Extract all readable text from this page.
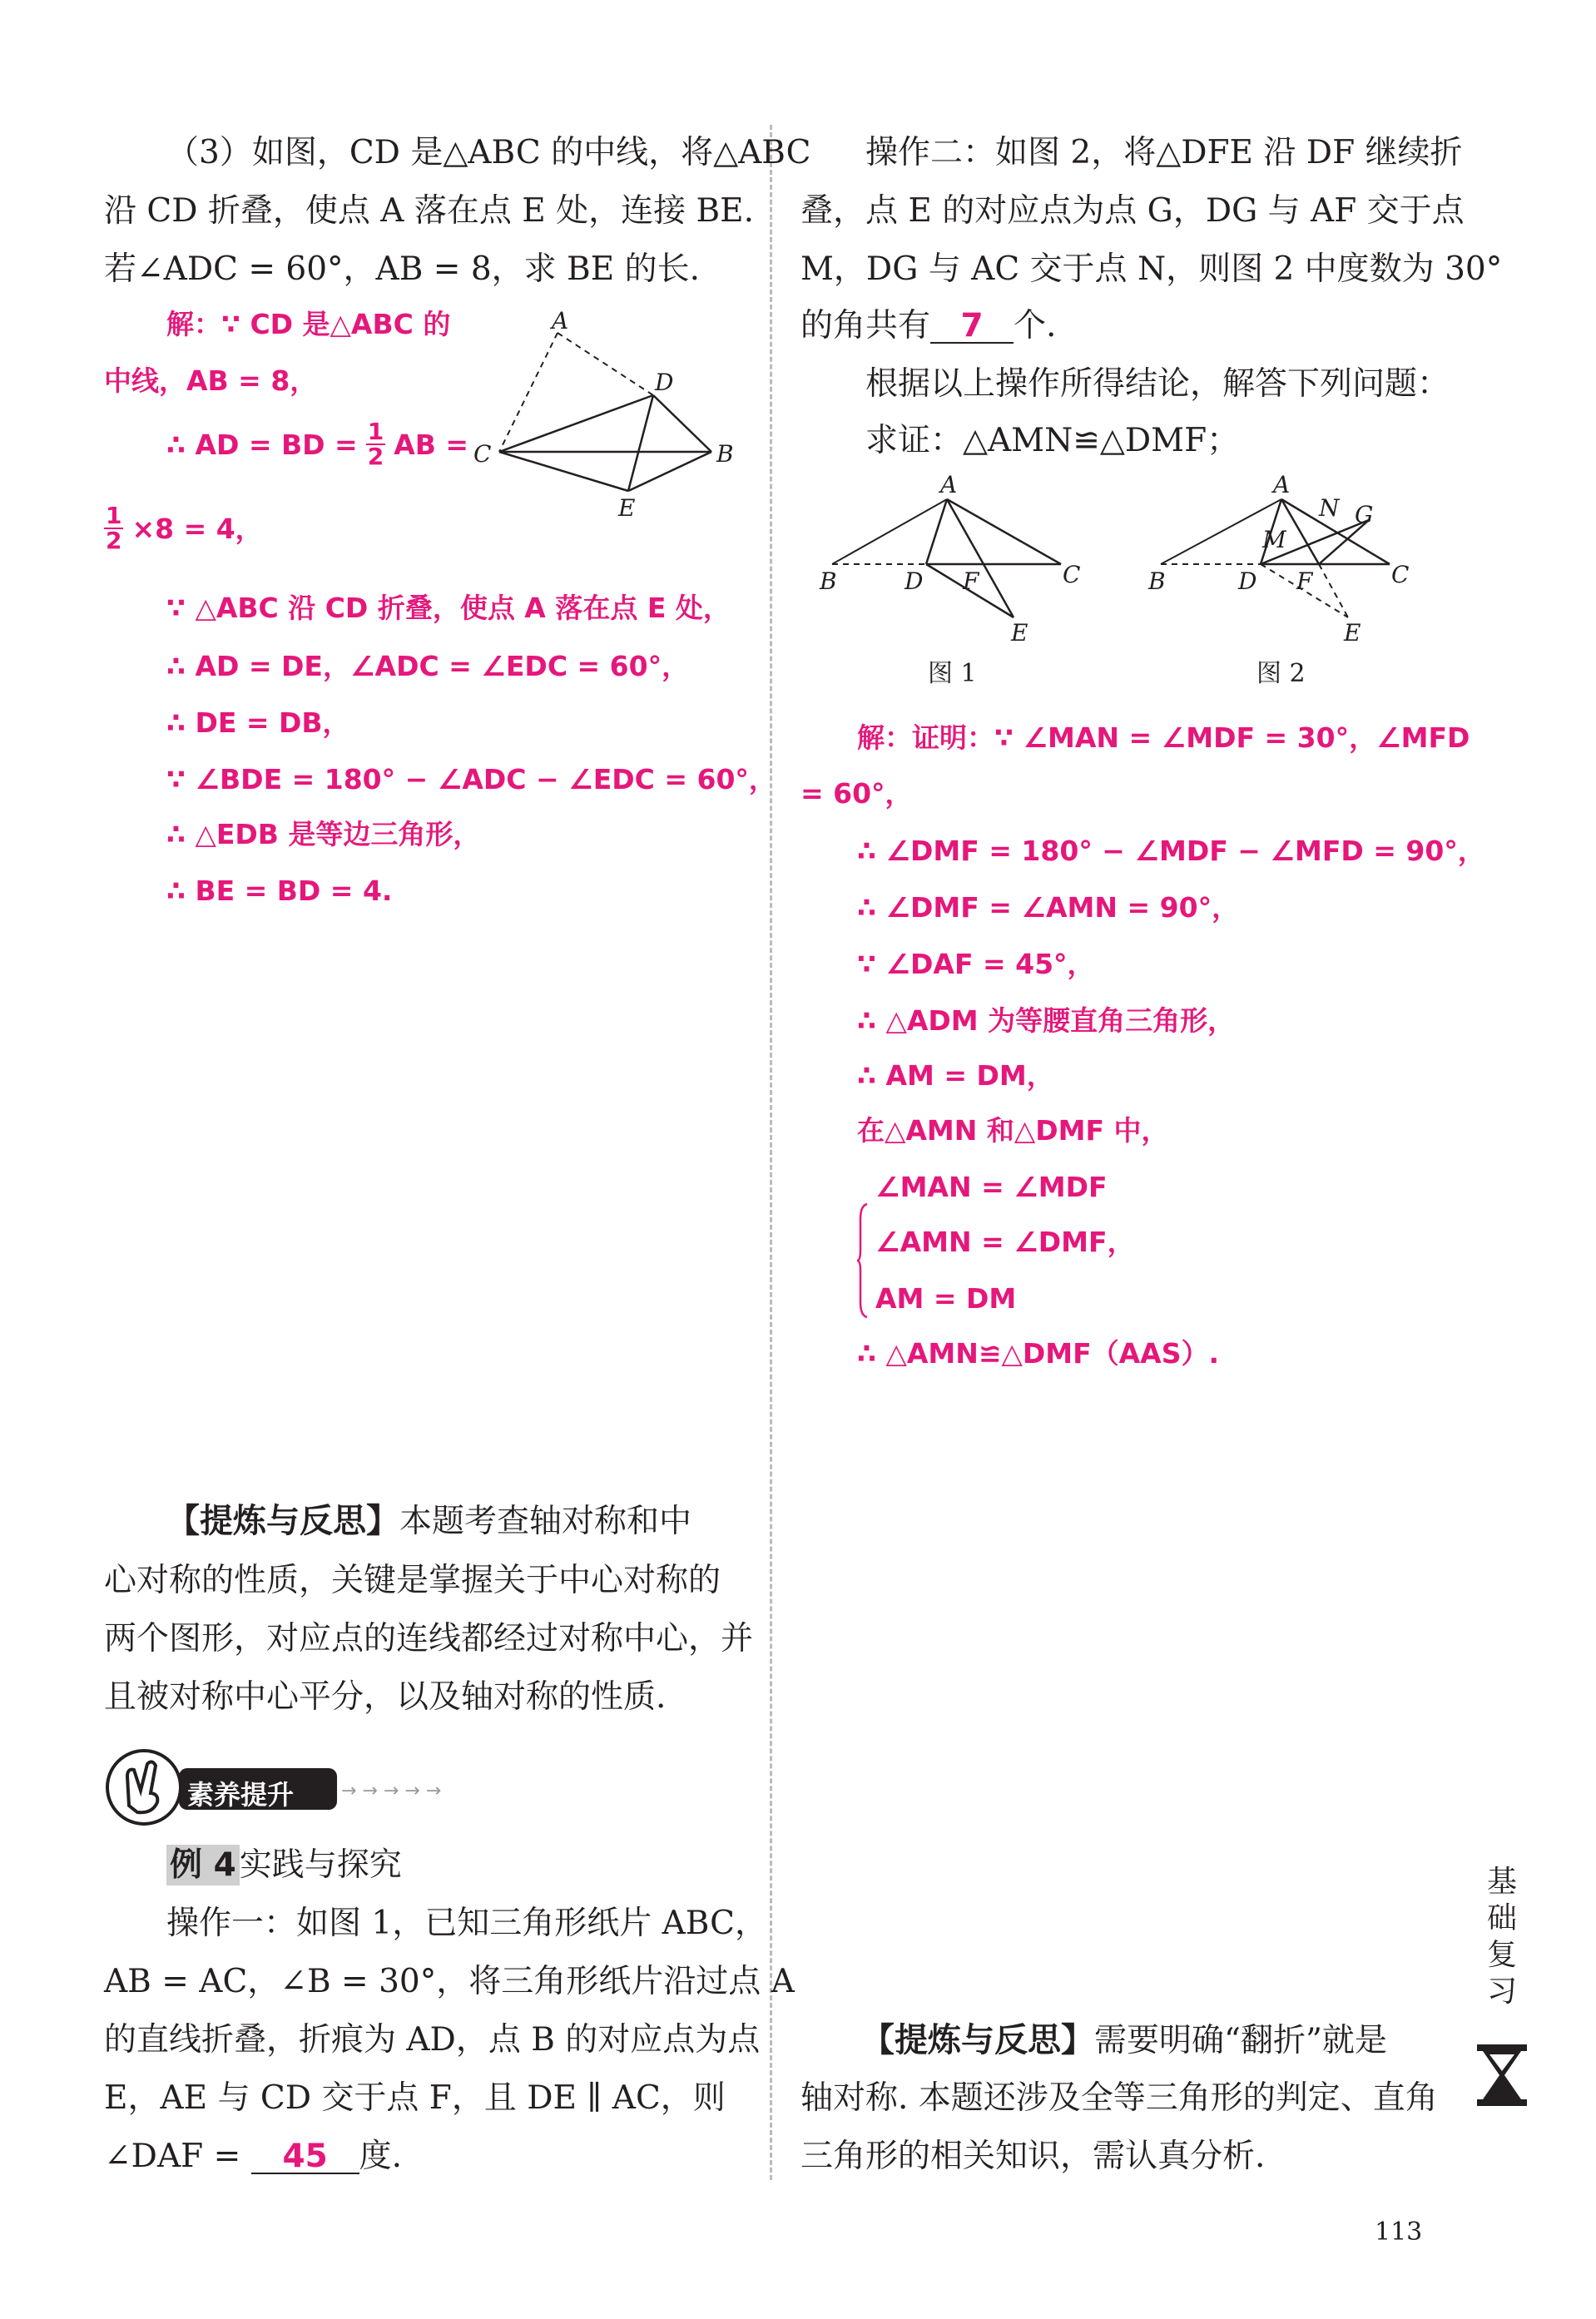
（3）如图，CD 是△ABC 的中线，将△ABC
沿 CD 折叠，使点 A 落在点 E 处，连接 BE.
若∠ADC = 60°，AB = 8，求 BE 的长.
解：∵ CD 是△ABC 的
中线，AB = 8，
∴ AD = BD = $\frac{1}{2}$ AB =
$\frac{1}{2} \times 8 = 4$，
∵ △ABC 沿 CD 折叠，使点 A 落在点 E 处，
∴ AD = DE，∠ADC = ∠EDC = 60°，
∴ DE = DB，
∵ ∠BDE = 180° − ∠ADC − ∠EDC = 60°，
∴ △EDB 是等边三角形，
∴ BE = BD = 4.
A
D
C	B
E
【提炼与反思】本题考查轴对称和中
心对称的性质，关键是掌握关于中心对称的
两个图形，对应点的连线都经过对称中心，并
且被对称中心平分，以及轴对称的性质.
素养提升	→ → → → →
例 4 实践与探究
操作一：如图 1，已知三角形纸片 ABC，
AB = AC，∠B = 30°，将三角形纸片沿过点 A
的直线折叠，折痕为 AD，点 B 的对应点为点
E，AE 与 CD 交于点 F，且 DE ∥ AC，则
∠DAF = 45 度.
操作二：如图 2，将△DFE 沿 DF 继续折
叠，点 E 的对应点为点 G，DG 与 AF 交于点
M，DG 与 AC 交于点 N，则图 2 中度数为 30°
的角共有 7 个.
根据以上操作所得结论，解答下列问题：
求证：△AMN≌△DMF；
A
B	D F	C
E
图 1
A
N G
M
B	D F	C
E
图 2
解：证明：∵ ∠MAN = ∠MDF = 30°，∠MFD
= 60°，
∴ ∠DMF = 180° − ∠MDF − ∠MFD = 90°，
∴ ∠DMF = ∠AMN = 90°，
∵ ∠DAF = 45°，
∴ △ADM 为等腰直角三角形，
∴ AM = DM，
在△AMN 和△DMF 中，
∠MAN = ∠MDF
∠AMN = ∠DMF，
AM = DM
∴ △AMN≌△DMF（AAS）.
【提炼与反思】需要明确“翻折”就是
轴对称. 本题还涉及全等三角形的判定、直角
三角形的相关知识，需认真分析.
基
础
复
习
113
